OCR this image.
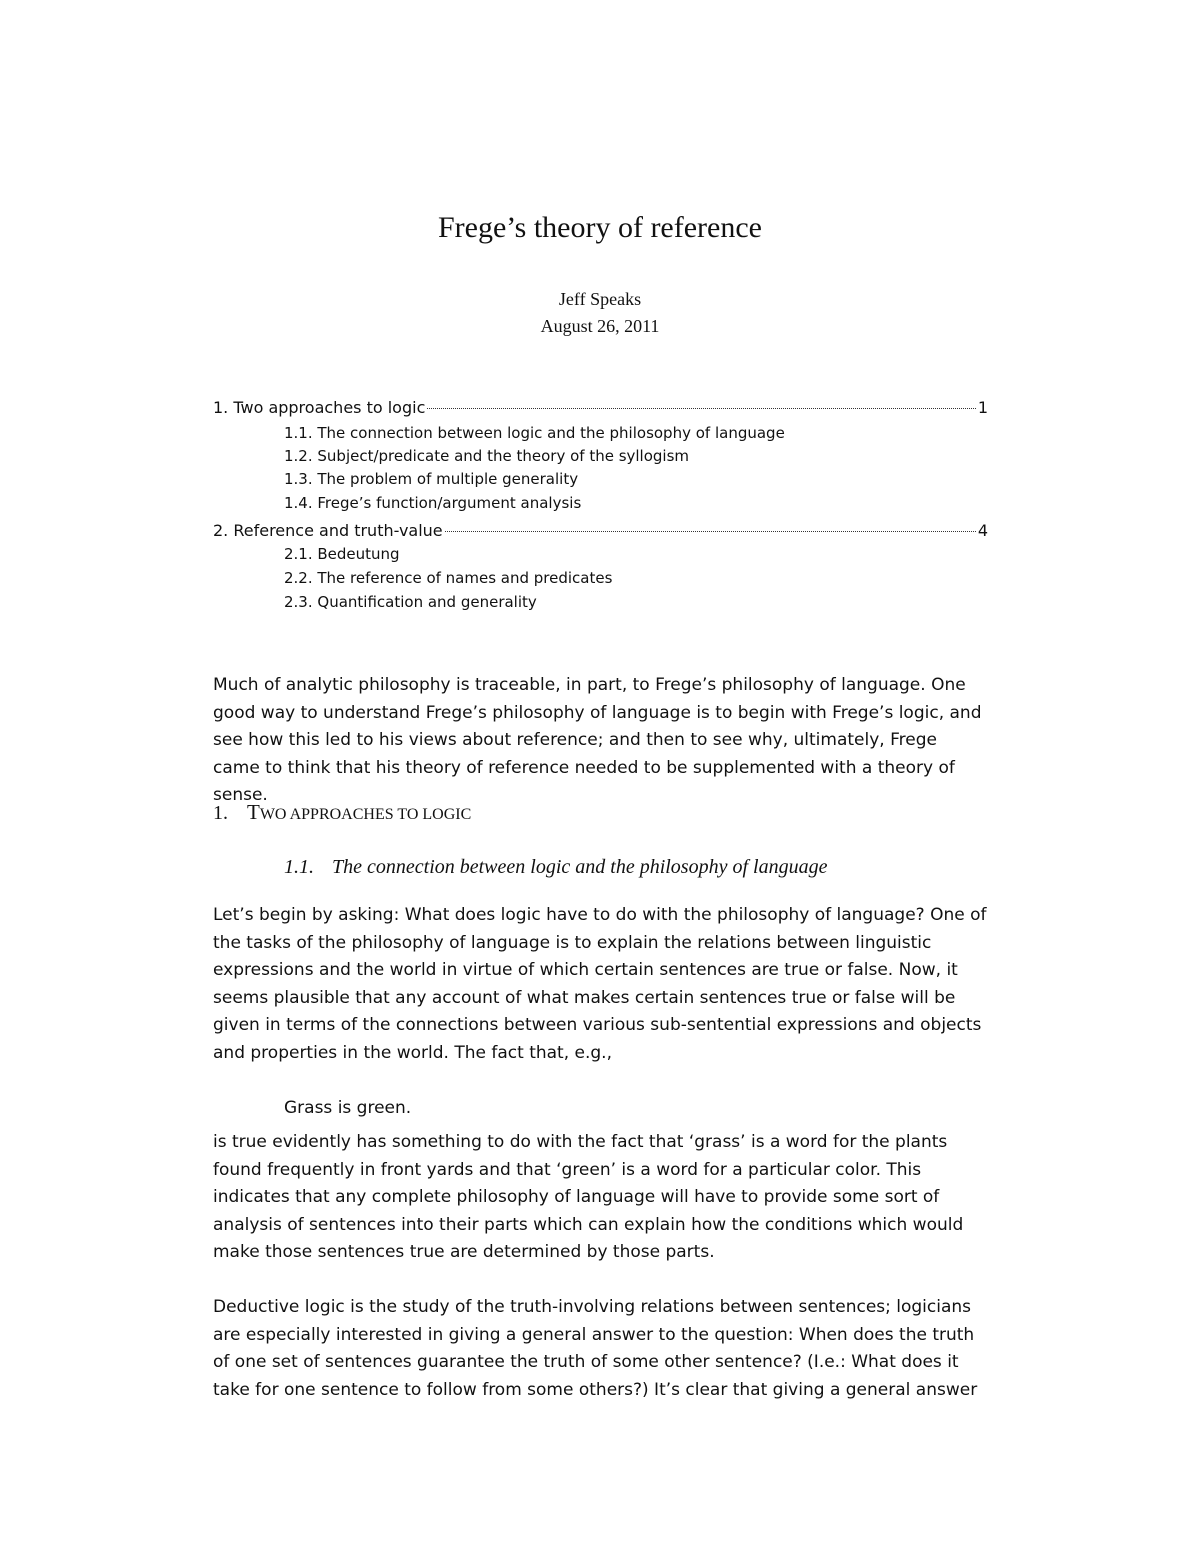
Frege’s theory of reference
Jeff Speaks
August 26, 2011
1. Two approaches to logic	1
1.1. The connection between logic and the philosophy of language
1.2. Subject/predicate and the theory of the syllogism
1.3. The problem of multiple generality
1.4. Frege’s function/argument analysis
2. Reference and truth-value	4
2.1. Bedeutung
2.2. The reference of names and predicates
2.3. Quantification and generality

Much of analytic philosophy is traceable, in part, to Frege’s philosophy of language. One good way to understand Frege’s philosophy of language is to begin with Frege’s logic, and see how this led to his views about reference; and then to see why, ultimately, Frege came to think that his theory of reference needed to be supplemented with a theory of sense.

1. TWO APPROACHES TO LOGIC
1.1. The connection between logic and the philosophy of language

Let’s begin by asking: What does logic have to do with the philosophy of language? One of the tasks of the philosophy of language is to explain the relations between linguistic expressions and the world in virtue of which certain sentences are true or false. Now, it seems plausible that any account of what makes certain sentences true or false will be given in terms of the connections between various sub-sentential expressions and objects and properties in the world. The fact that, e.g.,

Grass is green.

is true evidently has something to do with the fact that ‘grass’ is a word for the plants found frequently in front yards and that ‘green’ is a word for a particular color. This indicates that any complete philosophy of language will have to provide some sort of analysis of sentences into their parts which can explain how the conditions which would make those sentences true are determined by those parts.

Deductive logic is the study of the truth-involving relations between sentences; logicians are especially interested in giving a general answer to the question: When does the truth of one set of sentences guarantee the truth of some other sentence? (I.e.: What does it take for one sentence to follow from some others?) It’s clear that giving a general answer
